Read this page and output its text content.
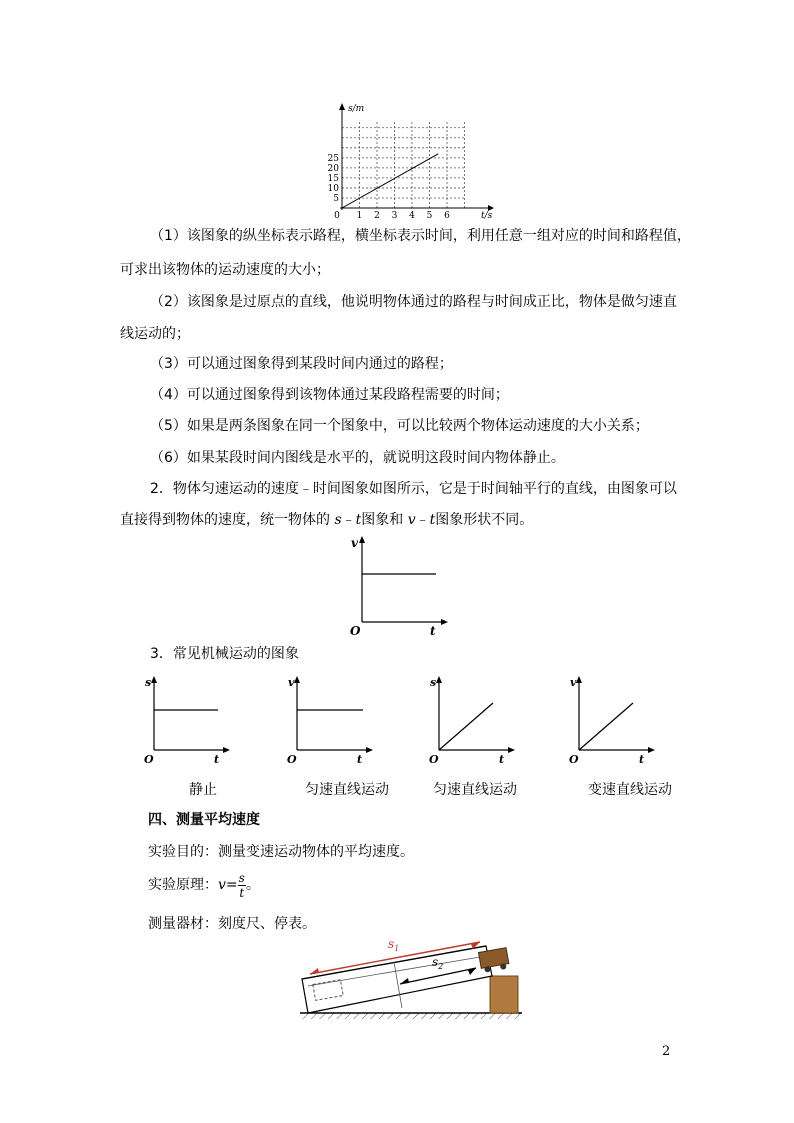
1 2 3 4 5 6
5
10
15
20
25
0
s/m
t/s
（1）该图象的纵坐标表示路程，横坐标表示时间，利用任意一组对应的时间和路程值，
可求出该物体的运动速度的大小；
（2）该图象是过原点的直线，他说明物体通过的路程与时间成正比，物体是做匀速直
线运动的；
（3）可以通过图象得到某段时间内通过的路程；
（4）可以通过图象得到该物体通过某段路程需要的时间；
（5）如果是两条图象在同一个图象中，可以比较两个物体运动速度的大小关系；
（6）如果某段时间内图线是水平的，就说明这段时间内物体静止。
2．物体匀速运动的速度﹣时间图象如图所示，它是于时间轴平行的直线，由图象可以
直接得到物体的速度，统一物体的 s﹣t图象和 v﹣t图象形状不同。
v
t
O
3．常见机械运动的图象
s
t
O
v
t
O
s
t
O
v
t
O
静止	匀速直线运动	匀速直线运动	变速直线运动
四、测量平均速度
实验目的：测量变速运动物体的平均速度。
实验原理：$v= \frac{s}{t}$ 。
测量器材：刻度尺、停表。
$s_1$
$s_2$
2
